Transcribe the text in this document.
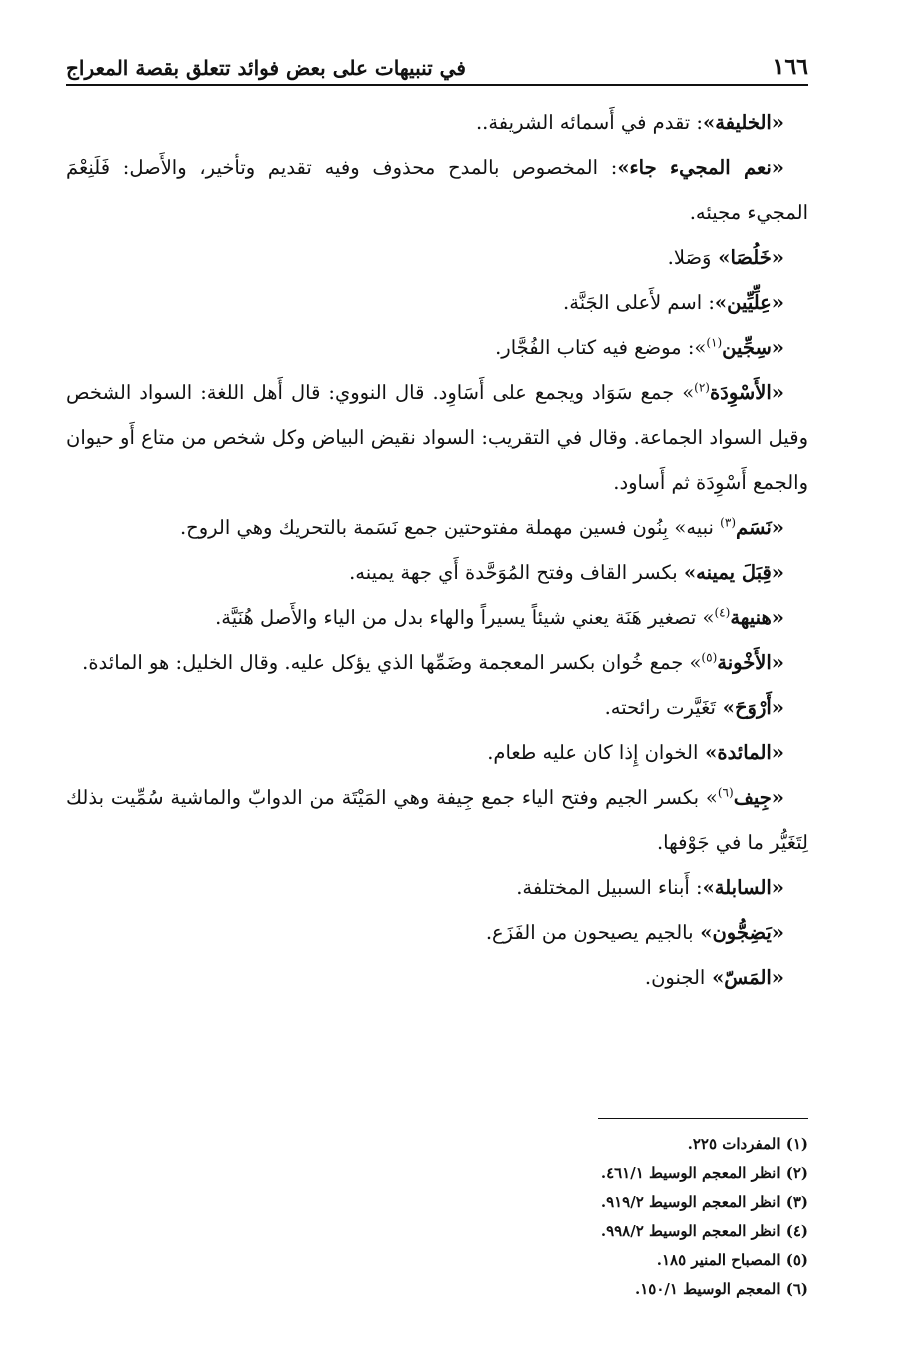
١٦٦
في تنبيهات على بعض فوائد تتعلق بقصة المعراج

«الخليفة»: تقدم في أَسمائه الشريفة..

«نعم المجيء جاء»: المخصوص بالمدح محذوف وفيه تقديم وتأخير، والأَصل: فَلَنِعْمَ المجيء مجيئه.

«خَلُصَا» وَصَلا.

«عِلِّيِّين»: اسم لأَعلى الجَنَّة.

«سِجِّين$^{(١)}$»: موضع فيه كتاب الفُجَّار.

«الأَسْوِدَة$^{(٢)}$» جمع سَوَاد ويجمع على أَسَاوِد. قال النووي: قال أَهل اللغة: السواد الشخص وقيل السواد الجماعة. وقال في التقريب: السواد نقيض البياض وكل شخص من متاع أَو حيوان والجمع أَسْوِدَة ثم أَساود.

«نَسَم$^{(٣)}$ نبيه» بِنُون فسين مهملة مفتوحتين جمع نَسَمة بالتحريك وهي الروح.

«قِبَلَ يمينه» بكسر القاف وفتح المُوَحَّدة أَي جهة يمينه.

«هنيهة$^{(٤)}$» تصغير هَنَة يعني شيئاً يسيراً والهاء بدل من الياء والأَصل هُنَيَّة.

«الأَخْونة$^{(٥)}$» جمع خُوان بكسر المعجمة وضَمِّها الذي يؤكل عليه. وقال الخليل: هو المائدة.

«أَرْوَحَ» تَغَيَّرت رائحته.

«المائدة» الخوان إِذا كان عليه طعام.

«جِيف$^{(٦)}$» بكسر الجيم وفتح الياء جمع جِيفة وهي المَيْتَة من الدوابّ والماشية سُمِّيت بذلك لِتَغَيُّر ما في جَوْفها.

«السابلة»: أَبناء السبيل المختلفة.

«يَضِجُّون» بالجيم يصيحون من الفَزَع.

«المَسّ» الجنون.

(١) المفردات ٢٢٥.

(٢) انظر المعجم الوسيط ٤٦١/١.

(٣) انظر المعجم الوسيط ٩١٩/٢.

(٤) انظر المعجم الوسيط ٩٩٨/٢.

(٥) المصباح المنير ١٨٥.

(٦) المعجم الوسيط ١٥٠/١.
